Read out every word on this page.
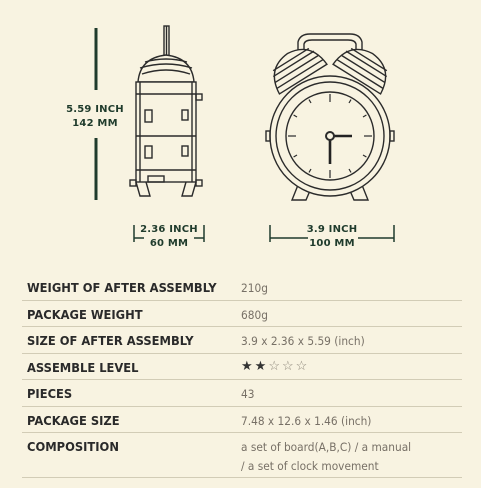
5.59 INCH
142 MM
2.36 INCH
60 MM
3.9 INCH
100 MM
WEIGHT OF AFTER ASSEMBLY 210g
PACKAGE WEIGHT	680g
SIZE OF AFTER ASSEMBLY	3.9 x 2.36 x 5.59 (inch)
ASSEMBLE LEVEL	★★☆☆☆
PIECES	43
PACKAGE SIZE	7.48 x 12.6 x 1.46 (inch)
COMPOSITION	a set of board(A,B,C) / a manual
/ a set of clock movement
